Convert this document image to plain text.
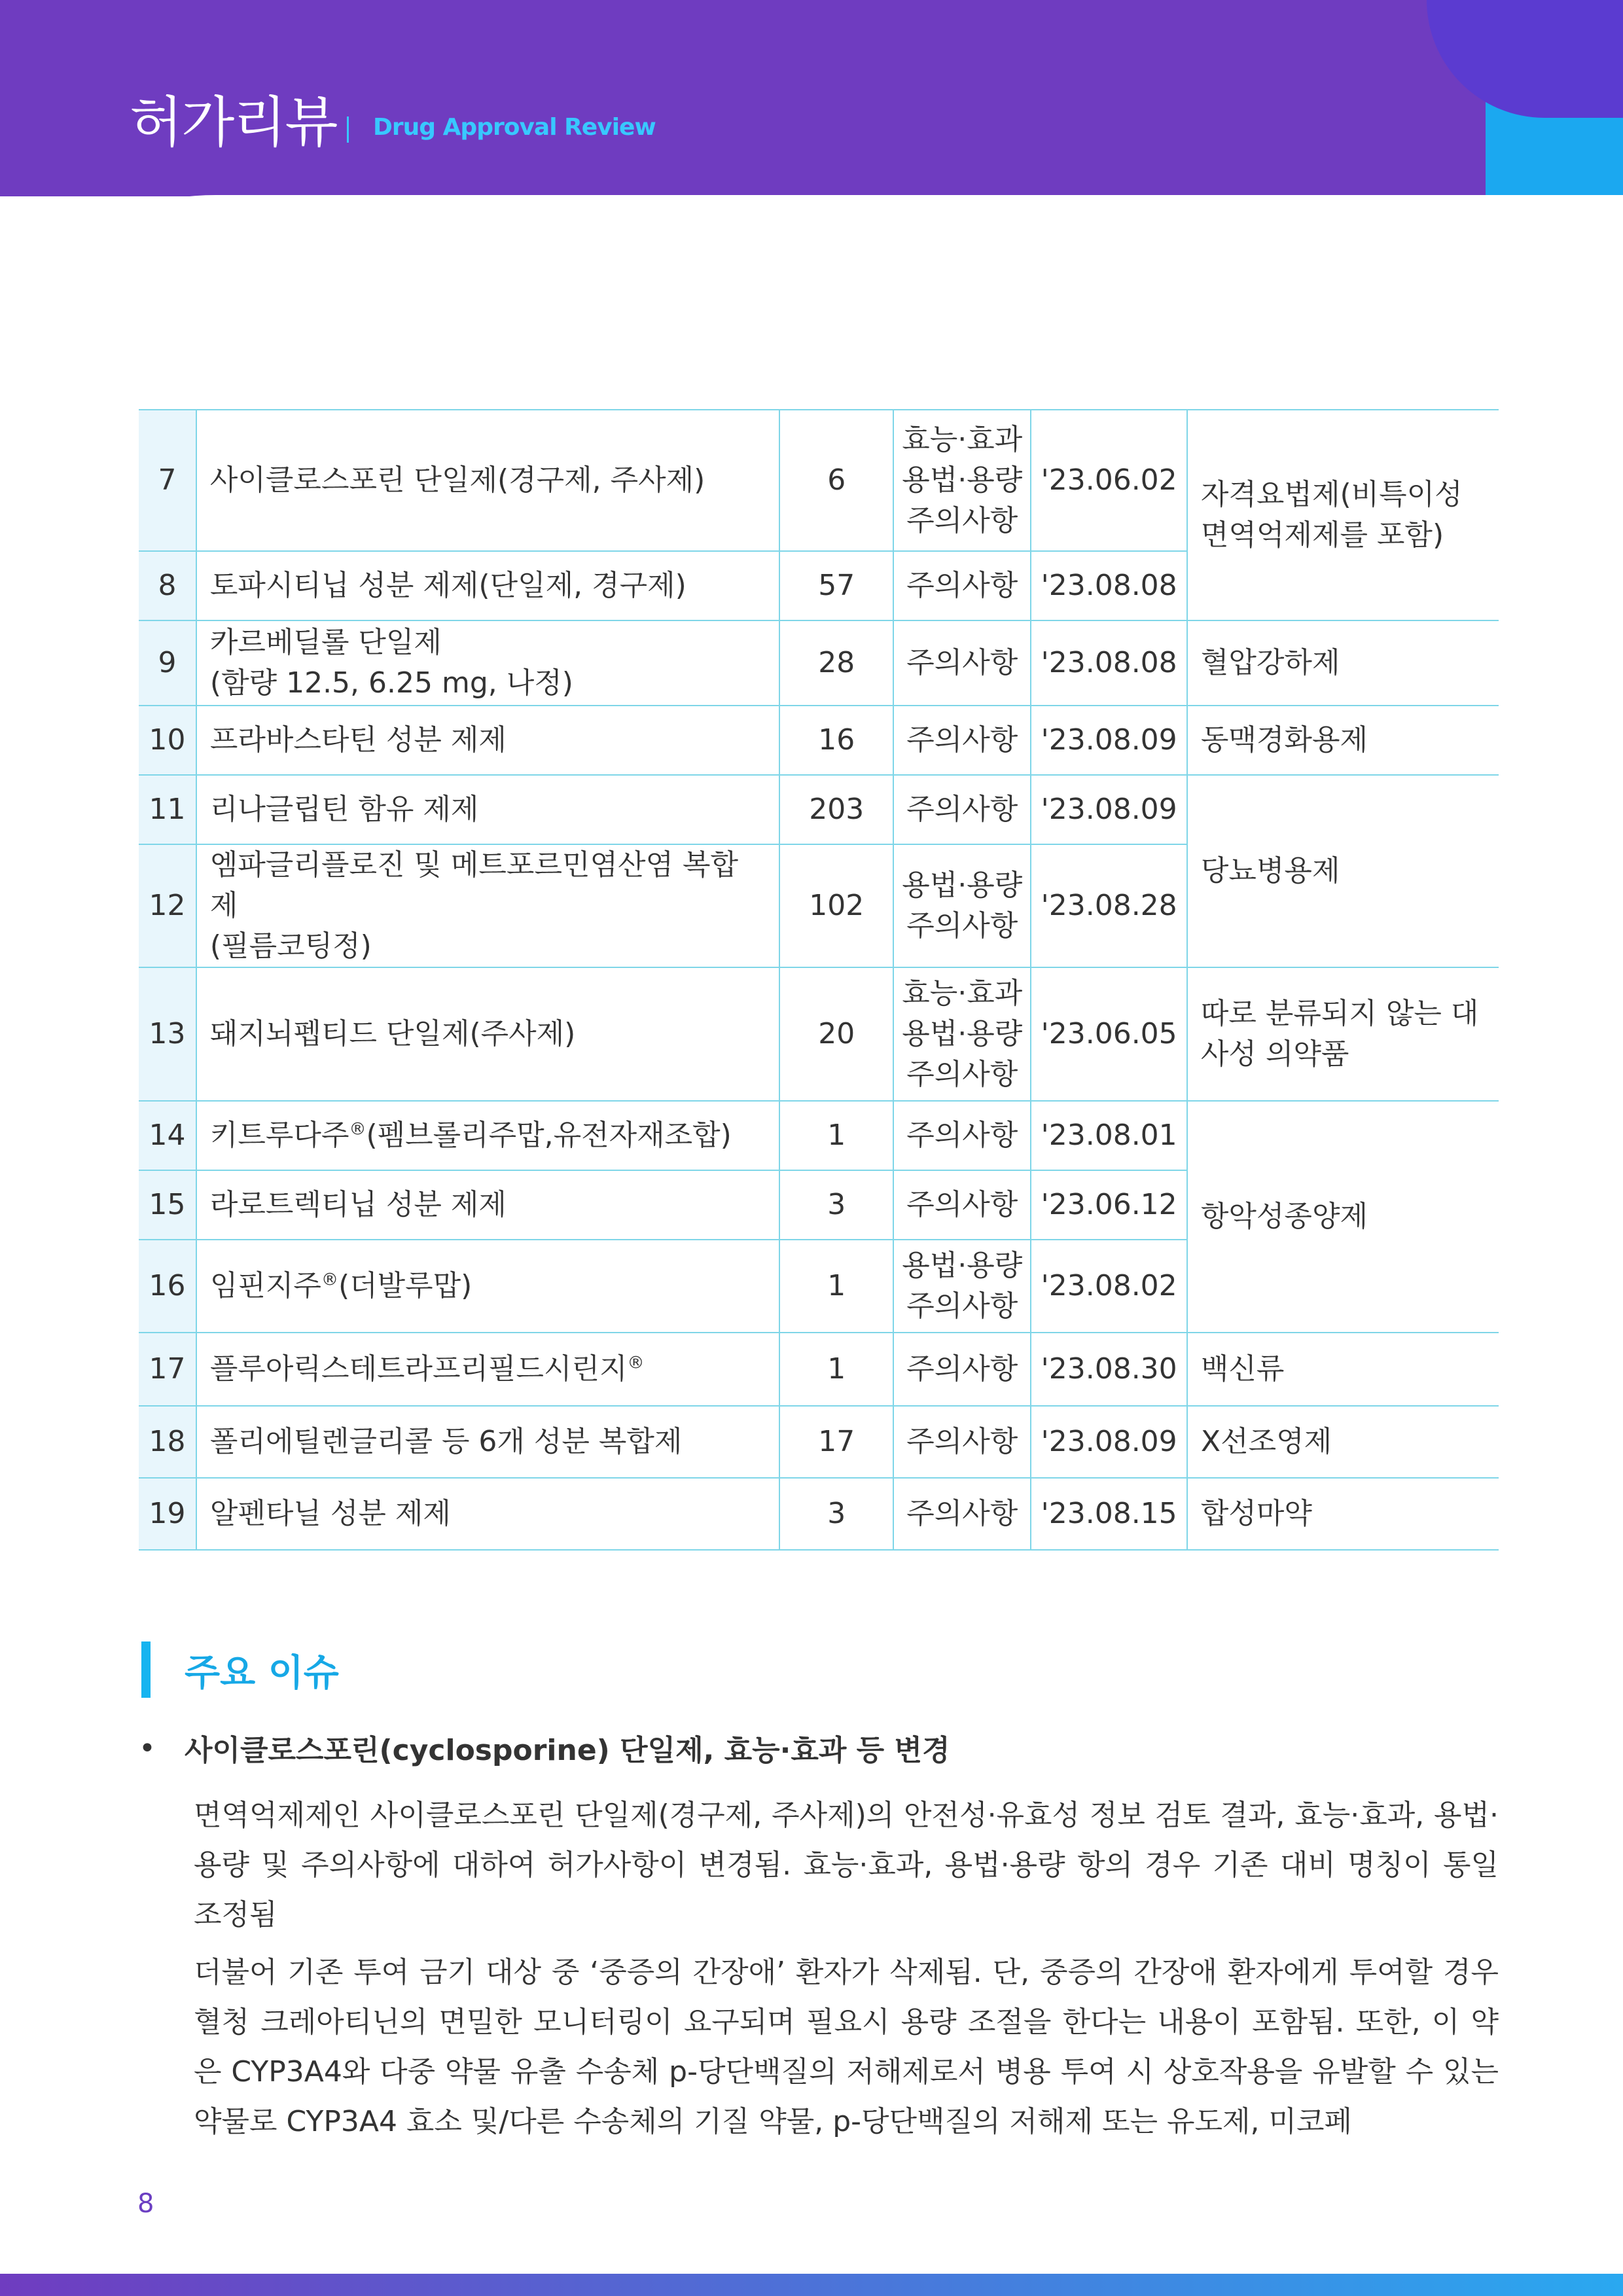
허가리뷰 Drug Approval Review
7	사이클로스포린 단일제(경구제, 주사제)	6	효능·효과
용법·용량
주의사항	'23.06.02	자격요법제(비특이성 면역억제제를 포함)
8	토파시티닙 성분 제제(단일제, 경구제)	57	주의사항	'23.08.08	
9	카르베딜롤 단일제
(함량 12.5, 6.25 mg, 나정)	28	주의사항	'23.08.08	혈압강하제
10	프라바스타틴 성분 제제	16	주의사항	'23.08.09	동맥경화용제
11	리나글립틴 함유 제제	203	주의사항	'23.08.09	당뇨병용제
12	엠파글리플로진 및 메트포르민염산염 복합제
(필름코팅정)	102	용법·용량
주의사항	'23.08.28	
13	돼지뇌펩티드 단일제(주사제)	20	효능·효과
용법·용량
주의사항	'23.06.05	따로 분류되지 않는 대사성 의약품
14	키트루다주®(펨브롤리주맙,유전자재조합)	1	주의사항	'23.08.01	항악성종양제
15	라로트렉티닙 성분 제제	3	주의사항	'23.06.12	
16	임핀지주®(더발루맙)	1	용법·용량
주의사항	'23.08.02	
17	플루아릭스테트라프리필드시린지®	1	주의사항	'23.08.30	백신류
18	폴리에틸렌글리콜 등 6개 성분 복합제	17	주의사항	'23.08.09	X선조영제
19	알펜타닐 성분 제제	3	주의사항	'23.08.15	합성마약
주요 이슈
• 사이클로스포린(cyclosporine) 단일제, 효능·효과 등 변경

면역억제제인 사이클로스포린 단일제(경구제, 주사제)의 안전성·유효성 정보 검토 결과, 효능·효과, 용법·용량 및 주의사항에 대하여 허가사항이 변경됨. 효능·효과, 용법·용량 항의 경우 기존 대비 명칭이 통일 조정됨

더불어 기존 투여 금기 대상 중 ‘중증의 간장애’ 환자가 삭제됨. 단, 중증의 간장애 환자에게 투여할 경우 혈청 크레아티닌의 면밀한 모니터링이 요구되며 필요시 용량 조절을 한다는 내용이 포함됨. 또한, 이 약은 CYP3A4와 다중 약물 유출 수송체 p-당단백질의 저해제로서 병용 투여 시 상호작용을 유발할 수 있는 약물로 CYP3A4 효소 및/다른 수송체의 기질 약물, p-당단백질의 저해제 또는 유도제, 미코페

8
